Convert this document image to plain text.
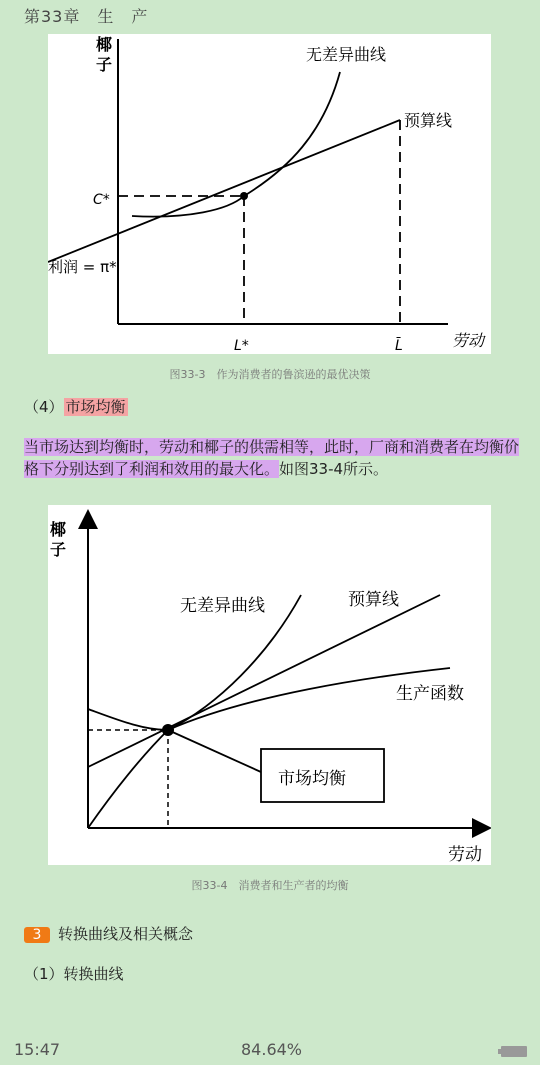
第33章　生　产
椰
子
无差异曲线
预算线
C*
利润 = π*
L*	L̄	劳动
图33-3　作为消费者的鲁滨逊的最优决策
（4） 市场均衡
当市场达到均衡时，劳动和椰子的供需相等，此时，厂商和消费者在均衡价格下分别达到了利润和效用的最大化。如图33-4所示。
椰
子
无差异曲线	预算线
生产函数
市场均衡
劳动
图33-4　消费者和生产者的均衡
3 转换曲线及相关概念
（1）转换曲线
15:47	84.64%
